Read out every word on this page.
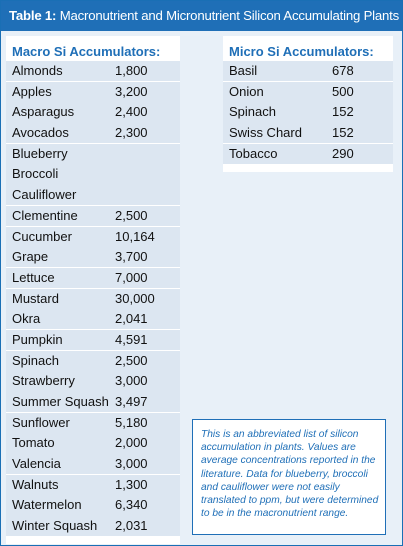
Table 1: Macronutrient and Micronutrient Silicon Accumulating Plants
Macro Si Accumulators:
Almonds	1,800
Apples	3,200
Asparagus	2,400
Avocados	2,300
Blueberry
Broccoli
Cauliflower
Clementine	2,500
Cucumber	10,164
Grape	3,700
Lettuce	7,000
Mustard	30,000
Okra	2,041
Pumpkin	4,591
Spinach	2,500
Strawberry	3,000
Summer Squash 3,497
Sunflower	5,180
Tomato	2,000
Valencia	3,000
Walnuts	1,300
Watermelon	6,340
Winter Squash 2,031
Micro Si Accumulators:
Basil	678
Onion	500
Spinach	152
Swiss Chard 152
Tobacco	290
This is an abbreviated list of silicon accumulation in plants. Values are average concentrations reported in the literature. Data for blueberry, broccoli and cauliflower were not easily translated to ppm, but were determined to be in the macronutrient range.
